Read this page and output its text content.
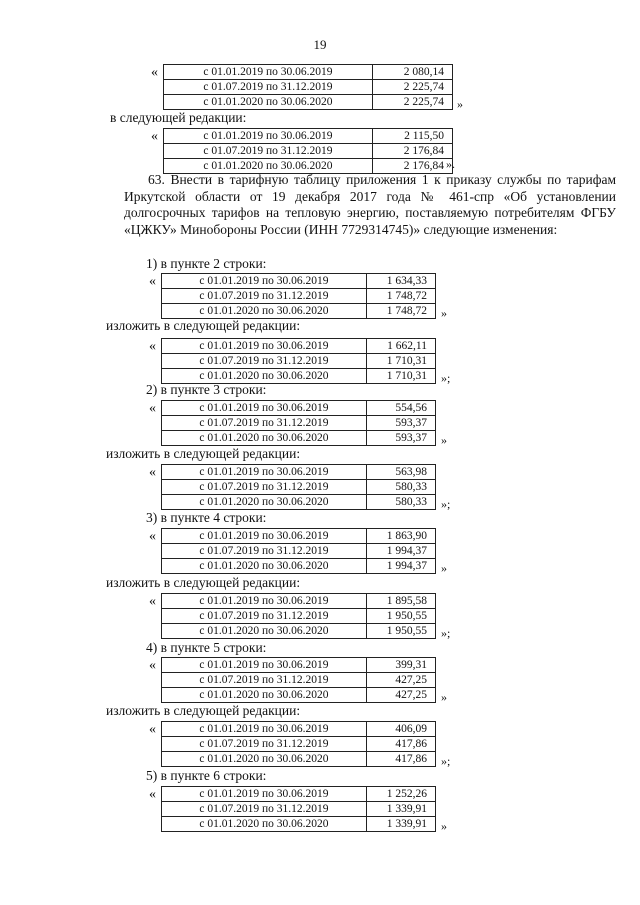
19
«	с 01.01.2019 по 30.06.2019	2 080,14
с 01.07.2019 по 31.12.2019	2 225,74
с 01.01.2020 по 30.06.2020	2 225,74 »
в следующей редакции:
«	с 01.01.2019 по 30.06.2019	2 115,50
с 01.07.2019 по 31.12.2019	2 176,84
с 01.01.2020 по 30.06.2020	2 176,84 ».
63. Внести в тарифную таблицу приложения 1 к приказу службы по тарифам Иркутской области от 19 декабря 2017 года № 461-спр «Об установлении долгосрочных тарифов на тепловую энергию, поставляемую потребителям ФГБУ «ЦЖКУ» Минобороны России (ИНН 7729314745)» следующие изменения:
1) в пункте 2 строки:
«	с 01.01.2019 по 30.06.2019	1 634,33
с 01.07.2019 по 31.12.2019	1 748,72
с 01.01.2020 по 30.06.2020	1 748,72 »
изложить в следующей редакции:
«	с 01.01.2019 по 30.06.2019	1 662,11
с 01.07.2019 по 31.12.2019	1 710,31
с 01.01.2020 по 30.06.2020	1 710,31 »;
2) в пункте 3 строки:
«	с 01.01.2019 по 30.06.2019	554,56
с 01.07.2019 по 31.12.2019	593,37
с 01.01.2020 по 30.06.2020	593,37 »
изложить в следующей редакции:
«	с 01.01.2019 по 30.06.2019	563,98
с 01.07.2019 по 31.12.2019	580,33
с 01.01.2020 по 30.06.2020	580,33 »;
3) в пункте 4 строки:
«	с 01.01.2019 по 30.06.2019	1 863,90
с 01.07.2019 по 31.12.2019	1 994,37
с 01.01.2020 по 30.06.2020	1 994,37 »
изложить в следующей редакции:
«	с 01.01.2019 по 30.06.2019	1 895,58
с 01.07.2019 по 31.12.2019	1 950,55
с 01.01.2020 по 30.06.2020	1 950,55 »;
4) в пункте 5 строки:
«	с 01.01.2019 по 30.06.2019	399,31
с 01.07.2019 по 31.12.2019	427,25
с 01.01.2020 по 30.06.2020	427,25 »
изложить в следующей редакции:
«	с 01.01.2019 по 30.06.2019	406,09
с 01.07.2019 по 31.12.2019	417,86
с 01.01.2020 по 30.06.2020	417,86 »;
5) в пункте 6 строки:
«	с 01.01.2019 по 30.06.2019	1 252,26
с 01.07.2019 по 31.12.2019	1 339,91
с 01.01.2020 по 30.06.2020	1 339,91 »
